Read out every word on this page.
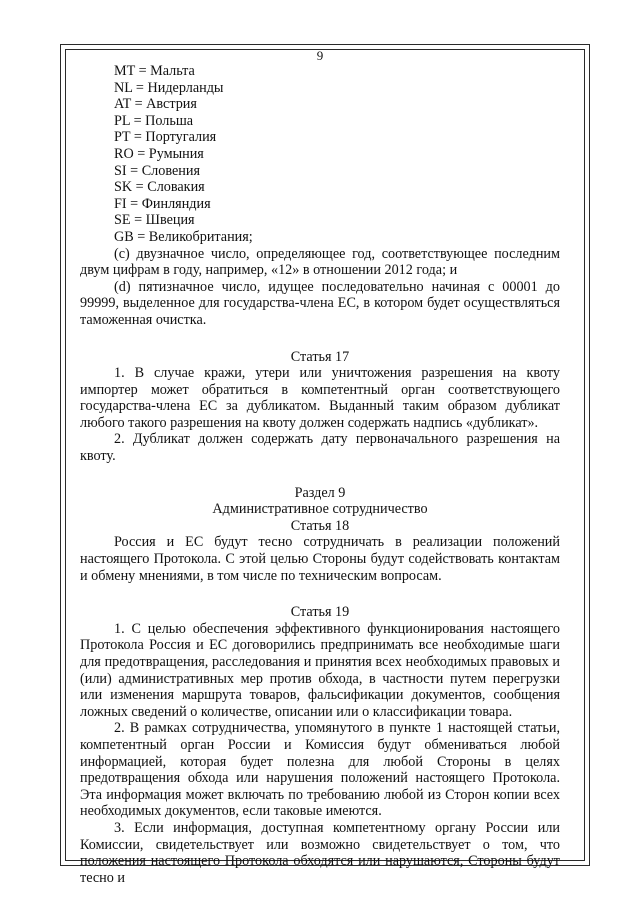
9
MT = Мальта
NL = Нидерланды
AT = Австрия
PL = Польша
PT = Португалия
RO = Румыния
SI = Словения
SK = Словакия
FI = Финляндия
SE = Швеция
GB = Великобритания;

(c) двузначное число, определяющее год, соответствующее последним двум цифрам в году, например, «12» в отношении 2012 года; и

(d) пятизначное число, идущее последовательно начиная с 00001 до 99999, выделенное для государства-члена ЕС, в котором будет осуществляться таможенная очистка.

Статья 17

1. В случае кражи, утери или уничтожения разрешения на квоту импортер может обратиться в компетентный орган соответствующего государства-члена ЕС за дубликатом. Выданный таким образом дубликат любого такого разрешения на квоту должен содержать надпись «дубликат».

2. Дубликат должен содержать дату первоначального разрешения на квоту.

Раздел 9

Административное сотрудничество

Статья 18

Россия и ЕС будут тесно сотрудничать в реализации положений настоящего Протокола. С этой целью Стороны будут содействовать контактам и обмену мнениями, в том числе по техническим вопросам.

Статья 19

1. С целью обеспечения эффективного функционирования настоящего Протокола Россия и ЕС договорились предпринимать все необходимые шаги для предотвращения, расследования и принятия всех необходимых правовых и (или) административных мер против обхода, в частности путем перегрузки или изменения маршрута товаров, фальсификации документов, сообщения ложных сведений о количестве, описании или о классификации товара.

2. В рамках сотрудничества, упомянутого в пункте 1 настоящей статьи, компетентный орган России и Комиссия будут обмениваться любой информацией, которая будет полезна для любой Стороны в целях предотвращения обхода или нарушения положений настоящего Протокола. Эта информация может включать по требованию любой из Сторон копии всех необходимых документов, если таковые имеются.

3. Если информация, доступная компетентному органу России или Комиссии, свидетельствует или возможно свидетельствует о том, что положения настоящего Протокола обходятся или нарушаются, Стороны будут тесно и
